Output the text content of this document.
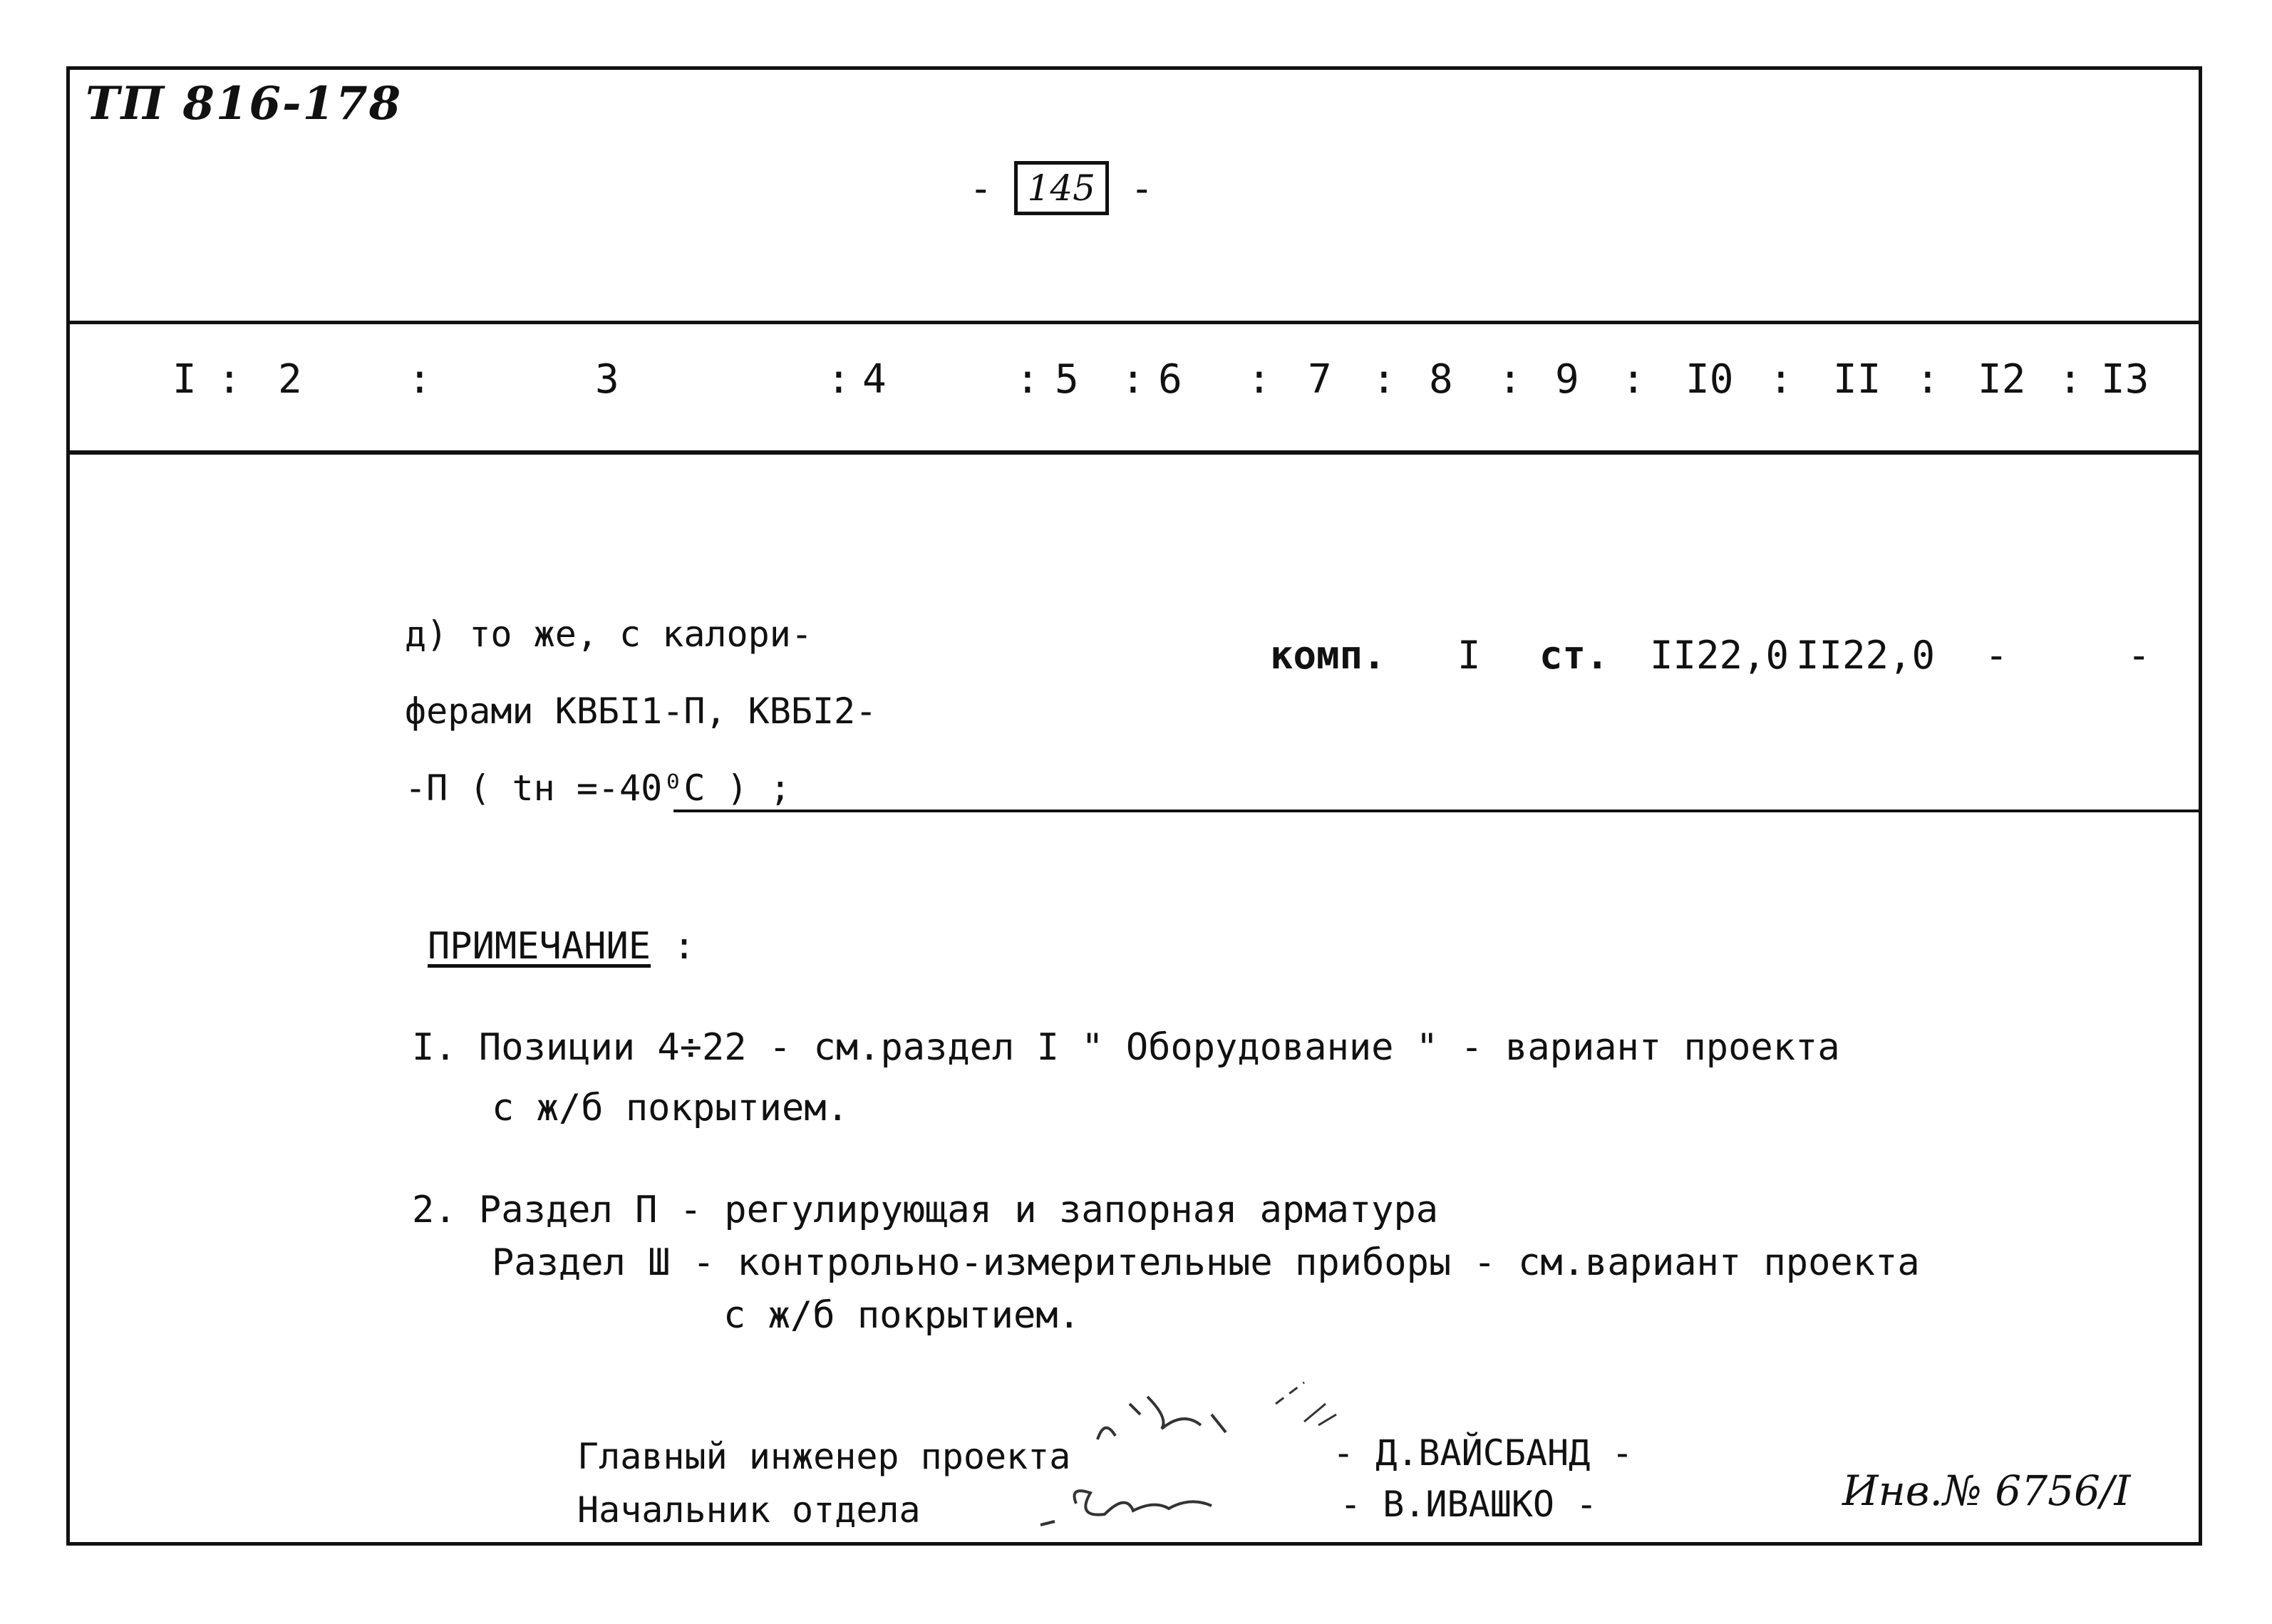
ТП 816-178
- 145 -
I : 2	:	3	: 4	: 5 : 6 : 7 : 8 : 9 : I0 : II : I2 : I3

д) то же, с калори-

ферами КВБI1-П, КВБI2-

-П ( tн =-40⁰С ) ;

комп. I ст. II22,0 II22,0 -	-
ПРИМЕЧАНИЕ :
I. Позиции 4÷22 - см.раздел I " Оборудование " - вариант проекта
с ж/б покрытием.
2. Раздел П - регулирующая и запорная арматура
Раздел Ш - контрольно-измерительные приборы - см.вариант проекта
с ж/б покрытием.
Главный инженер проекта	- Д.ВАЙСБАНД -
Начальник отдела	- В.ИВАШКО -	Инв.№ 6756/I
